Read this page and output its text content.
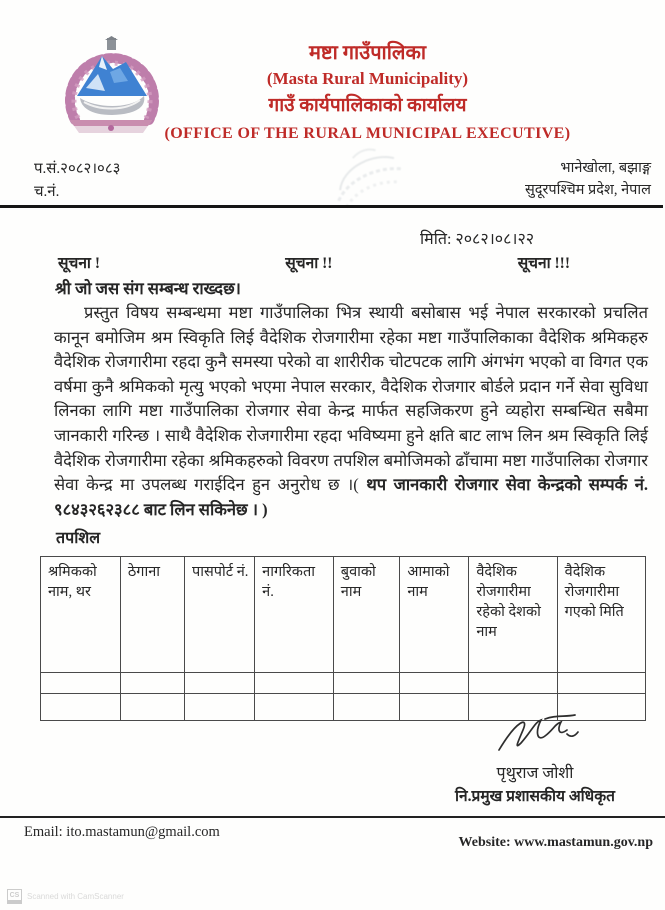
मष्टा गाउँपालिका
(Masta Rural Municipality)
गाउँ कार्यपालिकाको कार्यालय
(OFFICE OF THE RURAL MUNICIPAL EXECUTIVE)
प.सं.२०८२।०८३
च.नं.
भानेखोला, बझाङ्ग
सुदूरपश्चिम प्रदेश, नेपाल
मिति: २०८२।०८।२२
सूचना !	सूचना !!	सूचना !!!
श्री जो जस संग सम्बन्ध राख्दछ।
प्रस्तुत विषय सम्बन्धमा मष्टा गाउँपालिका भित्र स्थायी बसोबास भई नेपाल सरकारको प्रचलित कानून बमोजिम श्रम स्विकृति लिई वैदेशिक रोजगारीमा रहेका मष्टा गाउँपालिकाका वैदेशिक श्रमिकहरु वैदेशिक रोजगारीमा रहदा कुनै समस्या परेको वा शारीरीक चोटपटक लागि अंगभंग भएको वा विगत एक वर्षमा कुनै श्रमिकको मृत्यु भएको भएमा नेपाल सरकार, वैदेशिक रोजगार बोर्डले प्रदान गर्ने सेवा सुविधा लिनका लागि मष्टा गाउँपालिका रोजगार सेवा केन्द्र मार्फत सहजिकरण हुने व्यहोरा सम्बन्धित सबैमा जानकारी गरिन्छ । साथै वैदेशिक रोजगारीमा रहदा भविष्यमा हुने क्षति बाट लाभ लिन श्रम स्विकृति लिई वैदेशिक रोजगारीमा रहेका श्रमिकहरुको विवरण तपशिल बमोजिमको ढाँचामा मष्टा गाउँपालिका रोजगार सेवा केन्द्र मा उपलब्ध गराईदिन हुन अनुरोध छ ।( थप जानकारी रोजगार सेवा केन्द्रको सम्पर्क नं. ९८४३२६२३८८ बाट लिन सकिनेछ । )
तपशिल
श्रमिकको नाम, थर	ठेगाना	पासपोर्ट नं.	नागरिकता नं.	बुवाको नाम	आमाको नाम	वैदेशिक रोजगारीमा रहेको देशको नाम	वैदेशिक रोजगारीमा गएको मिति

पृथुराज जोशी
नि.प्रमुख प्रशासकीय अधिकृत
Email: ito.mastamun@gmail.com
Website: www.mastamun.gov.np
CS Scanned with CamScanner
